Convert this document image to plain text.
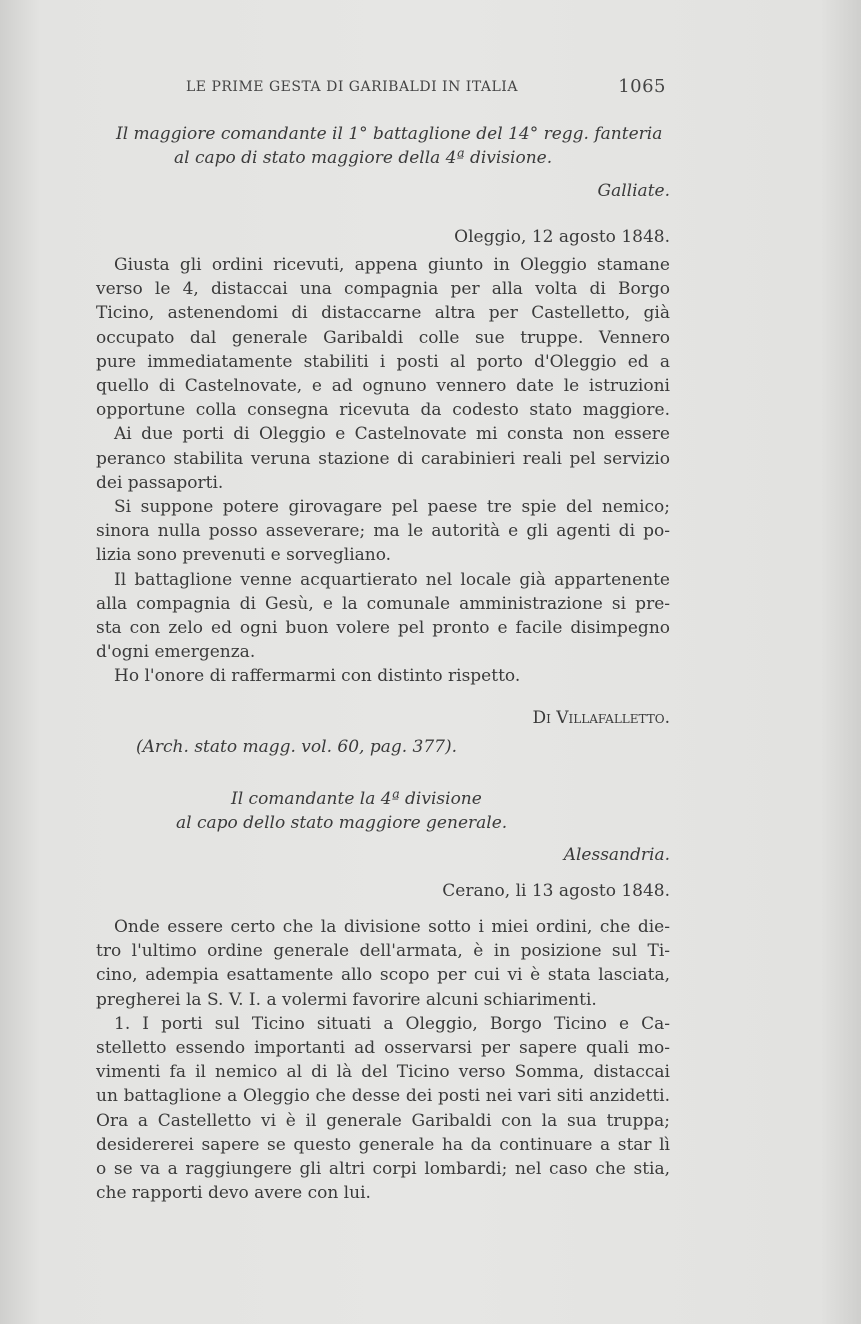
LE PRIME GESTA DI GARIBALDI IN ITALIA	1065
Il maggiore comandante il 1° battaglione del 14° regg. fanteria
al capo di stato maggiore della 4ª divisione.
Galliate.
Oleggio, 12 agosto 1848.
Giusta gli ordini ricevuti, appena giunto in Oleggio stamane
verso le 4, distaccai una compagnia per alla volta di Borgo
Ticino, astenendomi di distaccarne altra per Castelletto, già
occupato dal generale Garibaldi colle sue truppe. Vennero
pure immediatamente stabiliti i posti al porto d'Oleggio ed a
quello di Castelnovate, e ad ognuno vennero date le istruzioni
opportune colla consegna ricevuta da codesto stato maggiore.
Ai due porti di Oleggio e Castelnovate mi consta non essere
peranco stabilita veruna stazione di carabinieri reali pel servizio
dei passaporti.
Si suppone potere girovagare pel paese tre spie del nemico;
sinora nulla posso asseverare; ma le autorità e gli agenti di po-
lizia sono prevenuti e sorvegliano.
Il battaglione venne acquartierato nel locale già appartenente
alla compagnia di Gesù, e la comunale amministrazione si pre-
sta con zelo ed ogni buon volere pel pronto e facile disimpegno
d'ogni emergenza.
Ho l'onore di raffermarmi con distinto rispetto.
Di Villafalletto.
(Arch. stato magg. vol. 60, pag. 377).
Il comandante la 4ª divisione
al capo dello stato maggiore generale.
Alessandria.
Cerano, li 13 agosto 1848.
Onde essere certo che la divisione sotto i miei ordini, che die-
tro l'ultimo ordine generale dell'armata, è in posizione sul Ti-
cino, adempia esattamente allo scopo per cui vi è stata lasciata,
pregherei la S. V. I. a volermi favorire alcuni schiarimenti.
1. I porti sul Ticino situati a Oleggio, Borgo Ticino e Ca-
stelletto essendo importanti ad osservarsi per sapere quali mo-
vimenti fa il nemico al di là del Ticino verso Somma, distaccai
un battaglione a Oleggio che desse dei posti nei vari siti anzidetti.
Ora a Castelletto vi è il generale Garibaldi con la sua truppa;
desidererei sapere se questo generale ha da continuare a star lì
o se va a raggiungere gli altri corpi lombardi; nel caso che stia,
che rapporti devo avere con lui.
